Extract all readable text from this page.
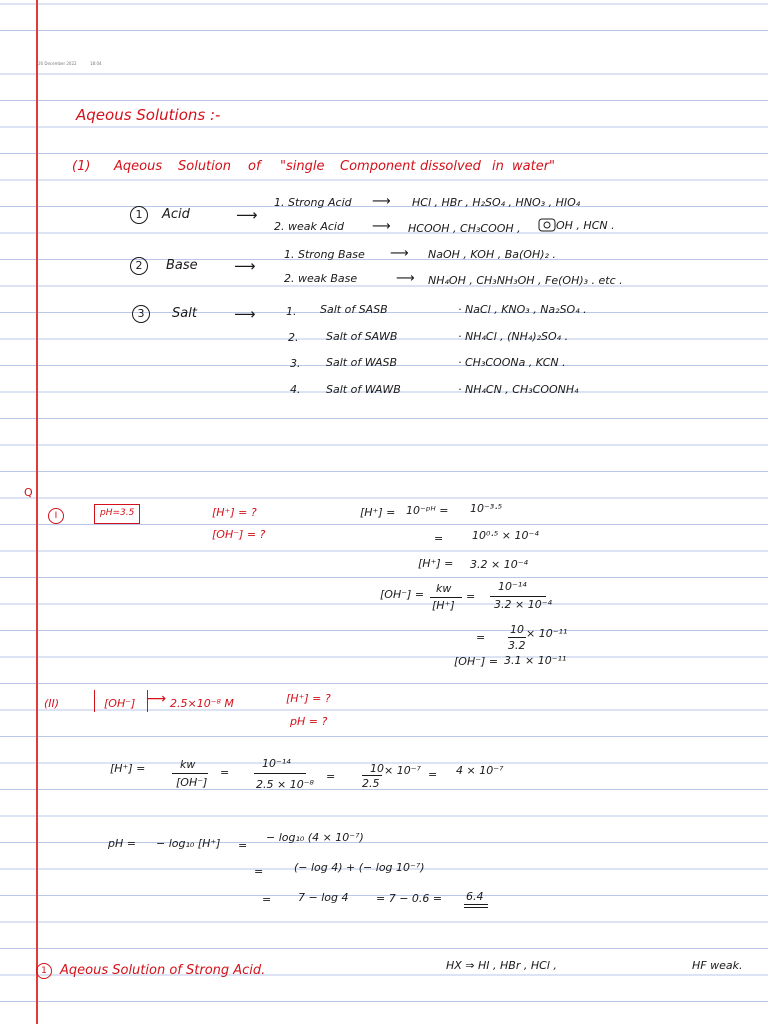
26 December 2022	18:04
Aqeous Solutions :-
(1) Aqeous Solution of "single Component dissolved in water"
1	Acid	⟶
1. Strong Acid ⟶ HCl , HBr , H₂SO₄ , HNO₃ , HIO₄
2. weak Acid ⟶ HCOOH , CH₃COOH ,	OH , HCN .
2	Base ⟶
1. Strong Base ⟶ NaOH , KOH , Ba(OH)₂ .
2. weak Base	⟶ NH₄OH , CH₃NH₃OH , Fe(OH)₃ . etc .
3	Salt ⟶	1. Salt of SASB	· NaCl , KNO₃ , Na₂SO₄ .
2.	Salt of SAWB	· NH₄Cl , (NH₄)₂SO₄ .
3. Salt of WASB	· CH₃COONa , KCN .
4. Salt of WAWB	· NH₄CN , CH₃COONH₄
Q
I	pH=3.5	[H⁺] = ?
[OH⁻] = ?
[H⁺] = 10⁻ᵖᴴ = 10⁻³·⁵
=	10⁰·⁵ × 10⁻⁴
[H⁺] = 3.2 × 10⁻⁴
[OH⁻] = kw
[H⁺]
=
10⁻¹⁴
3.2 × 10⁻⁴
=
10
3.2
× 10⁻¹¹
[OH⁻] = 3.1 × 10⁻¹¹
(II)	[OH⁻] ⟶ 2.5×10⁻⁸ M	[H⁺] = ?
pH = ?
[H⁺] =	kw
[OH⁻]
=
10⁻¹⁴
2.5 × 10⁻⁸
=
10
2.5
× 10⁻⁷ = 4 × 10⁻⁷
pH = − log₁₀ [H⁺] =
− log₁₀ (4 × 10⁻⁷)
=	(− log 4) + (− log 10⁻⁷)
= 7 − log 4	= 7 − 0.6 = 6.4
1	Aqeous Solution of Strong Acid.	HX ⇒ HI , HBr , HCl ,	HF weak.
